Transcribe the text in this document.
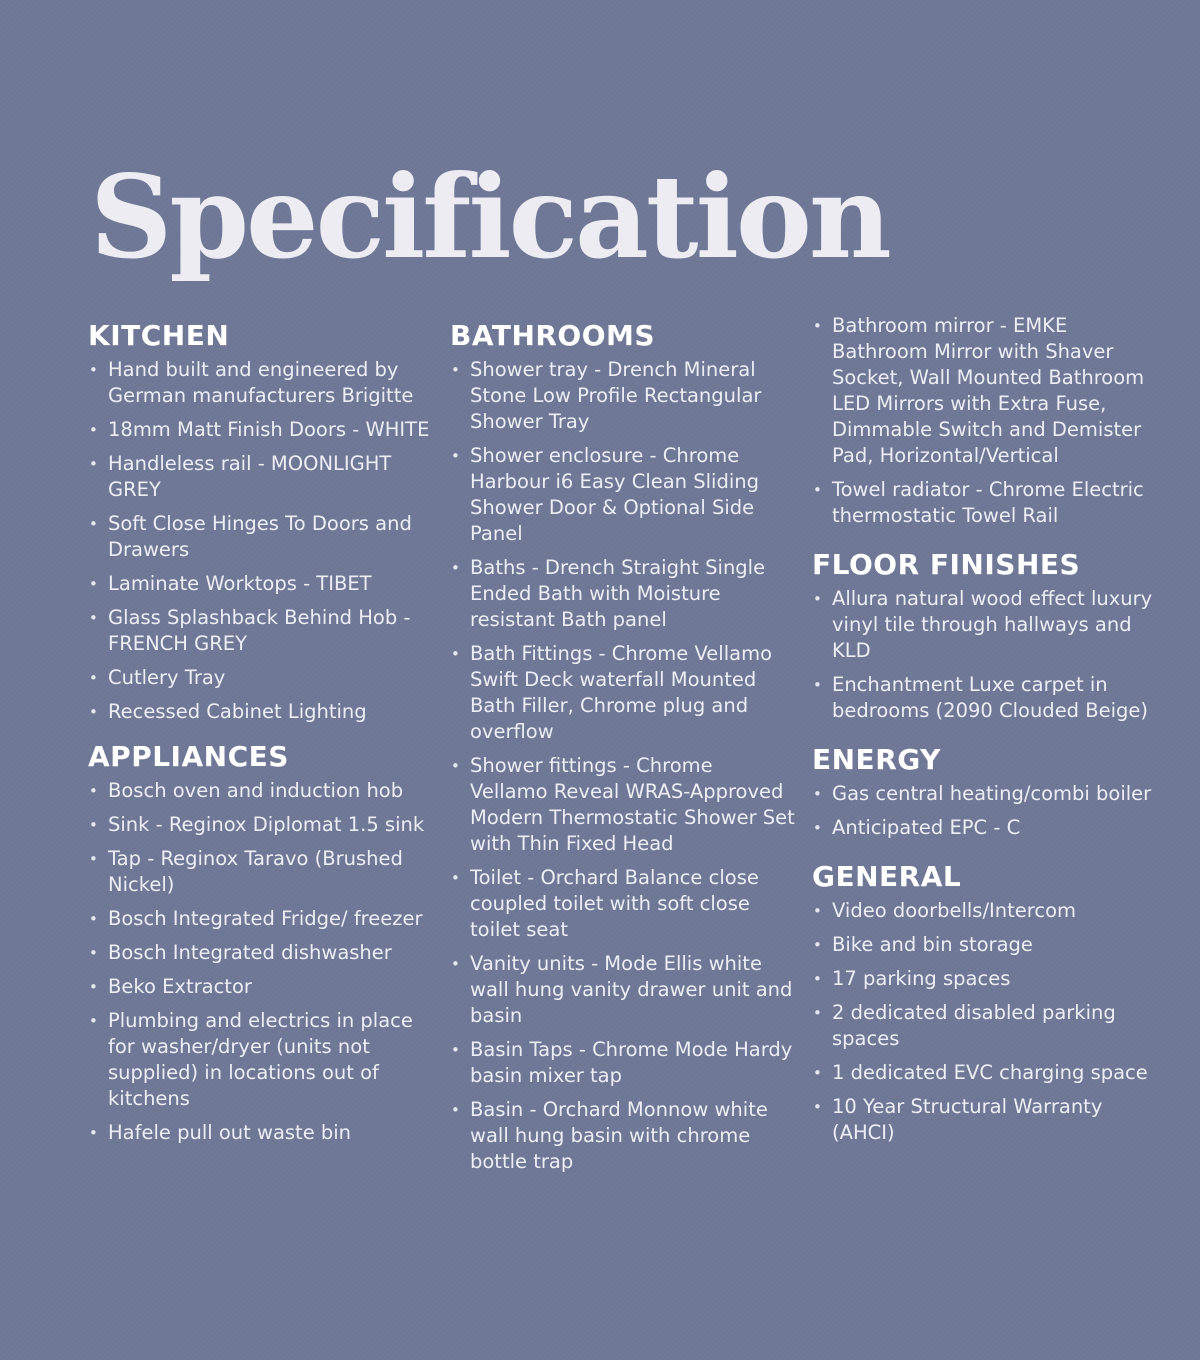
Specification
KITCHEN
• Hand built and engineered by German manufacturers Brigitte
• 18mm Matt Finish Doors - WHITE
• Handleless rail - MOONLIGHT GREY
• Soft Close Hinges To Doors and Drawers
• Laminate Worktops - TIBET
• Glass Splashback Behind Hob - FRENCH GREY
• Cutlery Tray
• Recessed Cabinet Lighting
APPLIANCES
• Bosch oven and induction hob
• Sink - Reginox Diplomat 1.5 sink
• Tap - Reginox Taravo (Brushed Nickel)
• Bosch Integrated Fridge/ freezer
• Bosch Integrated dishwasher
• Beko Extractor
• Plumbing and electrics in place for washer/dryer (units not supplied) in locations out of kitchens
• Hafele pull out waste bin
BATHROOMS
• Shower tray - Drench Mineral Stone Low Profile Rectangular Shower Tray
• Shower enclosure - Chrome Harbour i6 Easy Clean Sliding Shower Door & Optional Side Panel
• Baths - Drench Straight Single Ended Bath with Moisture resistant Bath panel
• Bath Fittings - Chrome Vellamo Swift Deck waterfall Mounted Bath Filler, Chrome plug and overflow
• Shower fittings - Chrome Vellamo Reveal WRAS-Approved Modern Thermostatic Shower Set with Thin Fixed Head
• Toilet - Orchard Balance close coupled toilet with soft close toilet seat
• Vanity units - Mode Ellis white wall hung vanity drawer unit and basin
• Basin Taps - Chrome Mode Hardy basin mixer tap
• Basin - Orchard Monnow white wall hung basin with chrome bottle trap
• Bathroom mirror - EMKE Bathroom Mirror with Shaver Socket, Wall Mounted Bathroom LED Mirrors with Extra Fuse, Dimmable Switch and Demister Pad, Horizontal/Vertical
• Towel radiator - Chrome Electric thermostatic Towel Rail
FLOOR FINISHES
• Allura natural wood effect luxury vinyl tile through hallways and KLD
• Enchantment Luxe carpet in bedrooms (2090 Clouded Beige)
ENERGY
• Gas central heating/combi boiler
• Anticipated EPC - C
GENERAL
• Video doorbells/Intercom
• Bike and bin storage
• 17 parking spaces
• 2 dedicated disabled parking spaces
• 1 dedicated EVC charging space
• 10 Year Structural Warranty (AHCI)
